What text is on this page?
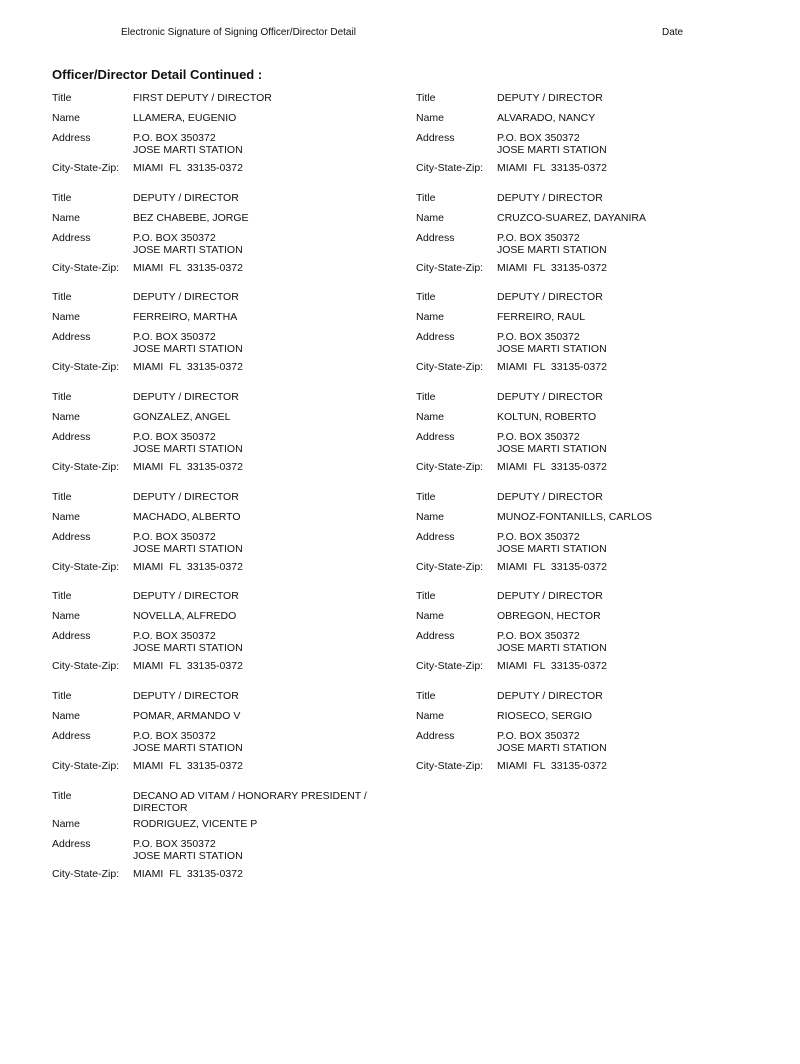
Electronic Signature of Signing Officer/Director Detail	Date
Officer/Director Detail Continued :
Title	FIRST DEPUTY / DIRECTOR
Name	LLAMERA, EUGENIO
Address	P.O. BOX 350372
JOSE MARTI STATION
City-State-Zip:	MIAMI  FL  33135-0372
Title	DEPUTY / DIRECTOR
Name	ALVARADO, NANCY
Address	P.O. BOX 350372
JOSE MARTI STATION
City-State-Zip:	MIAMI  FL  33135-0372
Title	DEPUTY / DIRECTOR
Name	BEZ CHABEBE, JORGE
Address	P.O. BOX 350372
JOSE MARTI STATION
City-State-Zip:	MIAMI  FL  33135-0372
Title	DEPUTY / DIRECTOR
Name	CRUZCO-SUAREZ, DAYANIRA
Address	P.O. BOX 350372
JOSE MARTI STATION
City-State-Zip:	MIAMI  FL  33135-0372
Title	DEPUTY / DIRECTOR
Name	FERREIRO, MARTHA
Address	P.O. BOX 350372
JOSE MARTI STATION
City-State-Zip:	MIAMI  FL  33135-0372
Title	DEPUTY / DIRECTOR
Name	FERREIRO, RAUL
Address	P.O. BOX 350372
JOSE MARTI STATION
City-State-Zip:	MIAMI  FL  33135-0372
Title	DEPUTY / DIRECTOR
Name	GONZALEZ, ANGEL
Address	P.O. BOX 350372
JOSE MARTI STATION
City-State-Zip:	MIAMI  FL  33135-0372
Title	DEPUTY / DIRECTOR
Name	KOLTUN, ROBERTO
Address	P.O. BOX 350372
JOSE MARTI STATION
City-State-Zip:	MIAMI  FL  33135-0372
Title	DEPUTY / DIRECTOR
Name	MACHADO, ALBERTO
Address	P.O. BOX 350372
JOSE MARTI STATION
City-State-Zip:	MIAMI  FL  33135-0372
Title	DEPUTY / DIRECTOR
Name	MUNOZ-FONTANILLS, CARLOS
Address	P.O. BOX 350372
JOSE MARTI STATION
City-State-Zip:	MIAMI  FL  33135-0372
Title	DEPUTY / DIRECTOR
Name	NOVELLA, ALFREDO
Address	P.O. BOX 350372
JOSE MARTI STATION
City-State-Zip:	MIAMI  FL  33135-0372
Title	DEPUTY / DIRECTOR
Name	OBREGON, HECTOR
Address	P.O. BOX 350372
JOSE MARTI STATION
City-State-Zip:	MIAMI  FL  33135-0372
Title	DEPUTY / DIRECTOR
Name	POMAR, ARMANDO V
Address	P.O. BOX 350372
JOSE MARTI STATION
City-State-Zip:	MIAMI  FL  33135-0372
Title	DEPUTY / DIRECTOR
Name	RIOSECO, SERGIO
Address	P.O. BOX 350372
JOSE MARTI STATION
City-State-Zip:	MIAMI  FL  33135-0372
Title	DECANO AD VITAM / HONORARY PRESIDENT / DIRECTOR
Name	RODRIGUEZ, VICENTE P
Address	P.O. BOX 350372
JOSE MARTI STATION
City-State-Zip:	MIAMI  FL  33135-0372
